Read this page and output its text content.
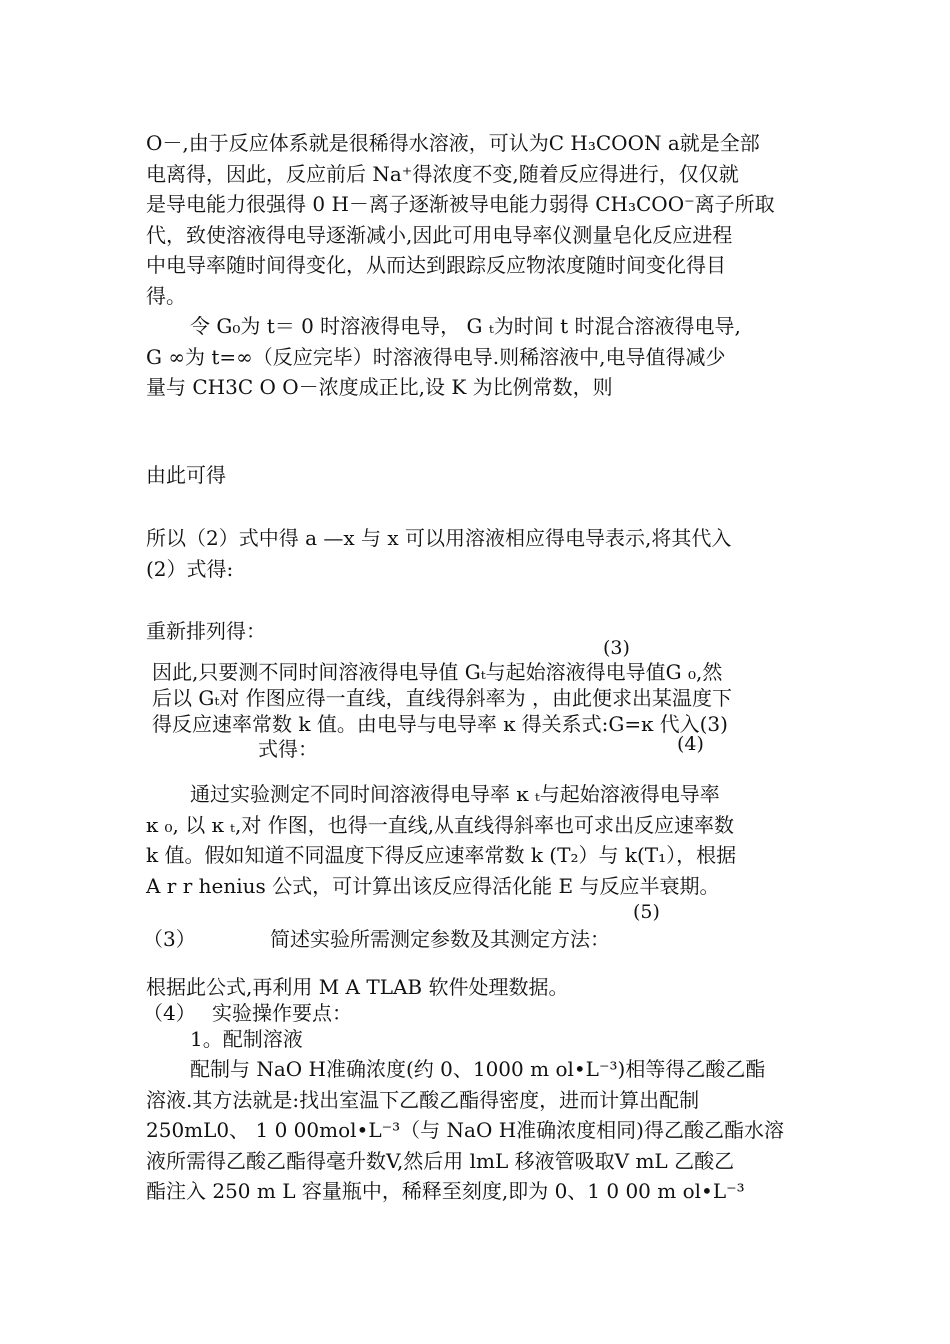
O－,由于反应体系就是很稀得水溶液，可认为C H₃COON a就是全部
电离得，因此，反应前后 Na⁺得浓度不变,随着反应得进行，仅仅就
是导电能力很强得 0 H－离子逐渐被导电能力弱得 CH₃COO⁻离子所取
代，致使溶液得电导逐渐减小,因此可用电导率仪测量皂化反应进程
中电导率随时间得变化，从而达到跟踪反应物浓度随时间变化得目
得。
令 G₀为 t＝ 0 时溶液得电导， G ₜ为时间 t 时混合溶液得电导,
G ∞为 t=∞（反应完毕）时溶液得电导.则稀溶液中,电导值得减少
量与 CH3C O O－浓度成正比,设 K 为比例常数，则

由此可得

所以（2）式中得 a —x 与 x 可以用溶液相应得电导表示,将其代入
(2）式得:

重新排列得：

(3)

因此,只要测不同时间溶液得电导值 Gₜ与起始溶液得电导值G ₀,然
后以 Gₜ对 作图应得一直线，直线得斜率为 ，由此便求出某温度下
得反应速率常数 k 值。由电导与电导率 ĸ 得关系式:G=ĸ 代入(3)

式得：	(4)

通过实验测定不同时间溶液得电导率 ĸ ₜ与起始溶液得电导率
ĸ ₀, 以 ĸ ₜ,对 作图，也得一直线,从直线得斜率也可求出反应速率数
k 值。假如知道不同温度下得反应速率常数 k (T₂）与 k(T₁），根据
A r r henius 公式，可计算出该反应得活化能 E 与反应半衰期。

(5)

（3）	简述实验所需测定参数及其测定方法：

根据此公式,再利用 M A TLAB 软件处理数据。

（4） 实验操作要点：

1。配制溶液

配制与 NaO H准确浓度(约 0、1000 m ol•L⁻³)相等得乙酸乙酯
溶液.其方法就是:找出室温下乙酸乙酯得密度，进而计算出配制
250mL0、 1 0 00mol•L⁻³（与 NaO H准确浓度相同)得乙酸乙酯水溶
液所需得乙酸乙酯得毫升数V,然后用 lmL 移液管吸取V mL 乙酸乙
酯注入 250 m L 容量瓶中，稀释至刻度,即为 0、1 0 00 m ol•L⁻³
